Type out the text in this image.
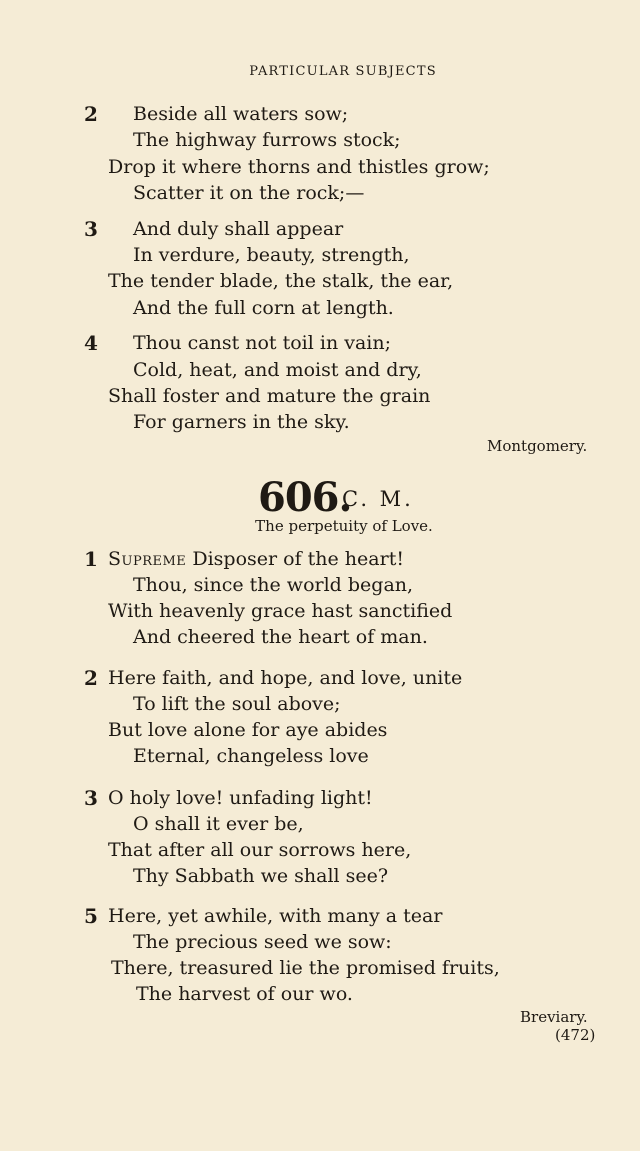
PARTICULAR SUBJECTS
2 Beside all waters sow;
The highway furrows stock;
Drop it where thorns and thistles grow;
Scatter it on the rock;—
3 And duly shall appear
In verdure, beauty, strength,
The tender blade, the stalk, the ear,
And the full corn at length.
4 Thou canst not toil in vain;
Cold, heat, and moist and dry,
Shall foster and mature the grain
For garners in the sky.
Montgomery.
606.
C. M.
The perpetuity of Love.
1 Supreme Disposer of the heart!
Thou, since the world began,
With heavenly grace hast sanctified
And cheered the heart of man.
2 Here faith, and hope, and love, unite
To lift the soul above;
But love alone for aye abides
Eternal, changeless love
3 O holy love! unfading light!
O shall it ever be,
That after all our sorrows here,
Thy Sabbath we shall see?
5 Here, yet awhile, with many a tear
The precious seed we sow:
There, treasured lie the promised fruits,
The harvest of our wo.
Breviary.
(472)
